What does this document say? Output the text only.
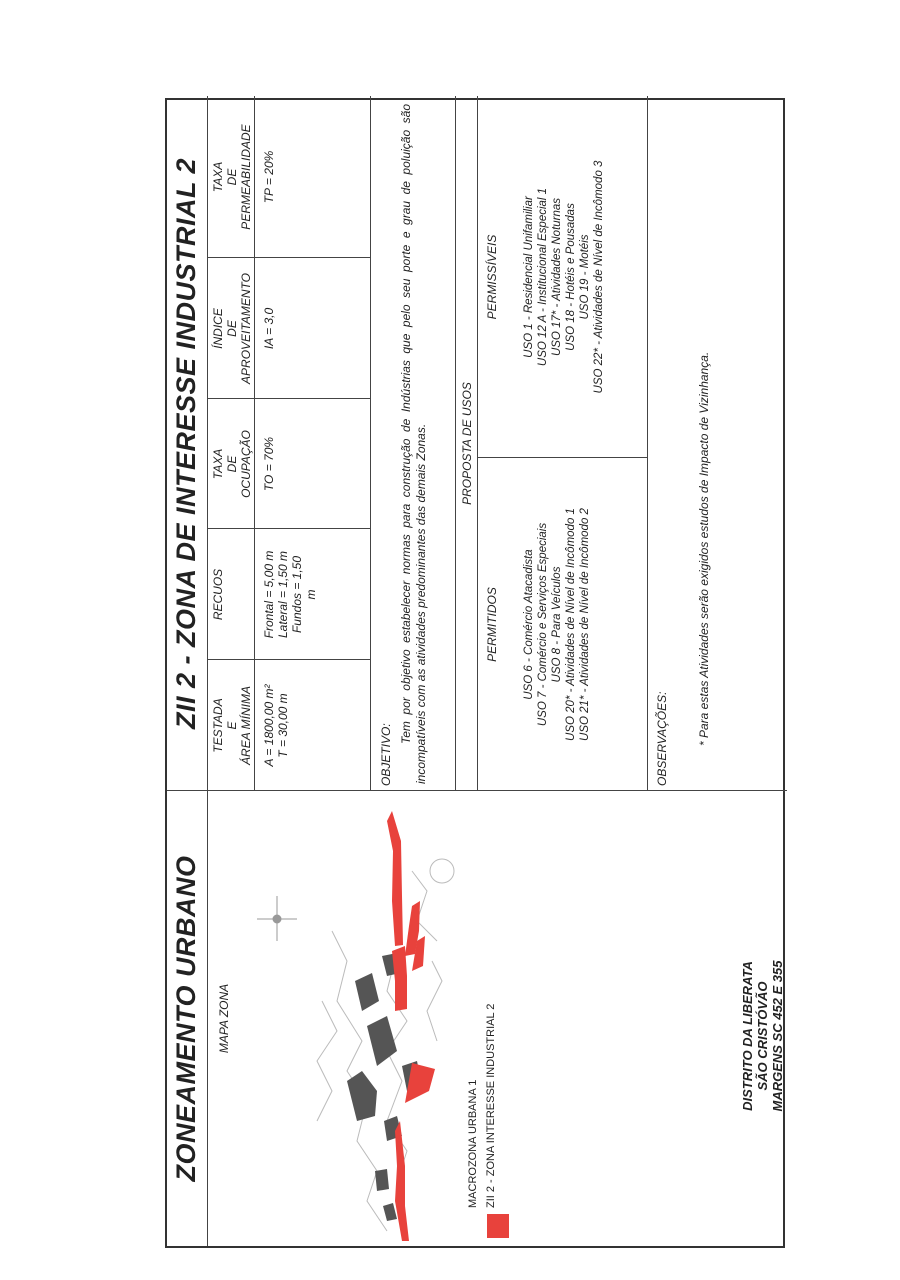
ZONEAMENTO URBANO MAPA ZONA
MACROZONA URBANA 1 ZII 2 - ZONA INTERESSE INDUSTRIAL 2	DISTRITO DA LIBERATA SÃO CRISTÓVÃO MARGENS SC 452 E 355
ZII 2 - ZONA DE INTERESSE INDUSTRIAL 2 TESTADA E ÁREA MÍNIMA
RECUOS
TAXA DE OCUPAÇÃO
ÍNDICE DE APROVEITAMENTO
TAXA DE PERMEABILIDADE
A = 1800,00 m² T = 30,00 m
Frontal = 5,00 m Lateral = 1,50 m Fundos = 1,50 m
TO = 70%
IA = 3,0
TP = 20%
OBJETIVO:
Tem por objetivo estabelecer normas para construção de Indústrias que pelo seu porte e grau de poluição são incompatíveis com as atividades predominantes das demais Zonas.	PROPOSTA DE USOS
PERMITIDOS USO 6 - Comércio Atacadista USO 7 - Comércio e Serviços Especiais USO 8 - Para Veículos USO 20* - Atividades de Nível de Incômodo 1 USO 21* - Atividades de Nível de Incômodo 2
PERMISSÍVEIS USO 1 - Residencial Unifamiliar USO 12 A - Institucional Especial 1 USO 17* - Atividades Noturnas USO 18 - Hotéis e Pousadas USO 19 - Motéis USO 22* - Atividades de Nível de Incômodo 3
OBSERVAÇÕES: * Para estas Atividades serão exigidos estudos de Impacto de Vizinhança.
